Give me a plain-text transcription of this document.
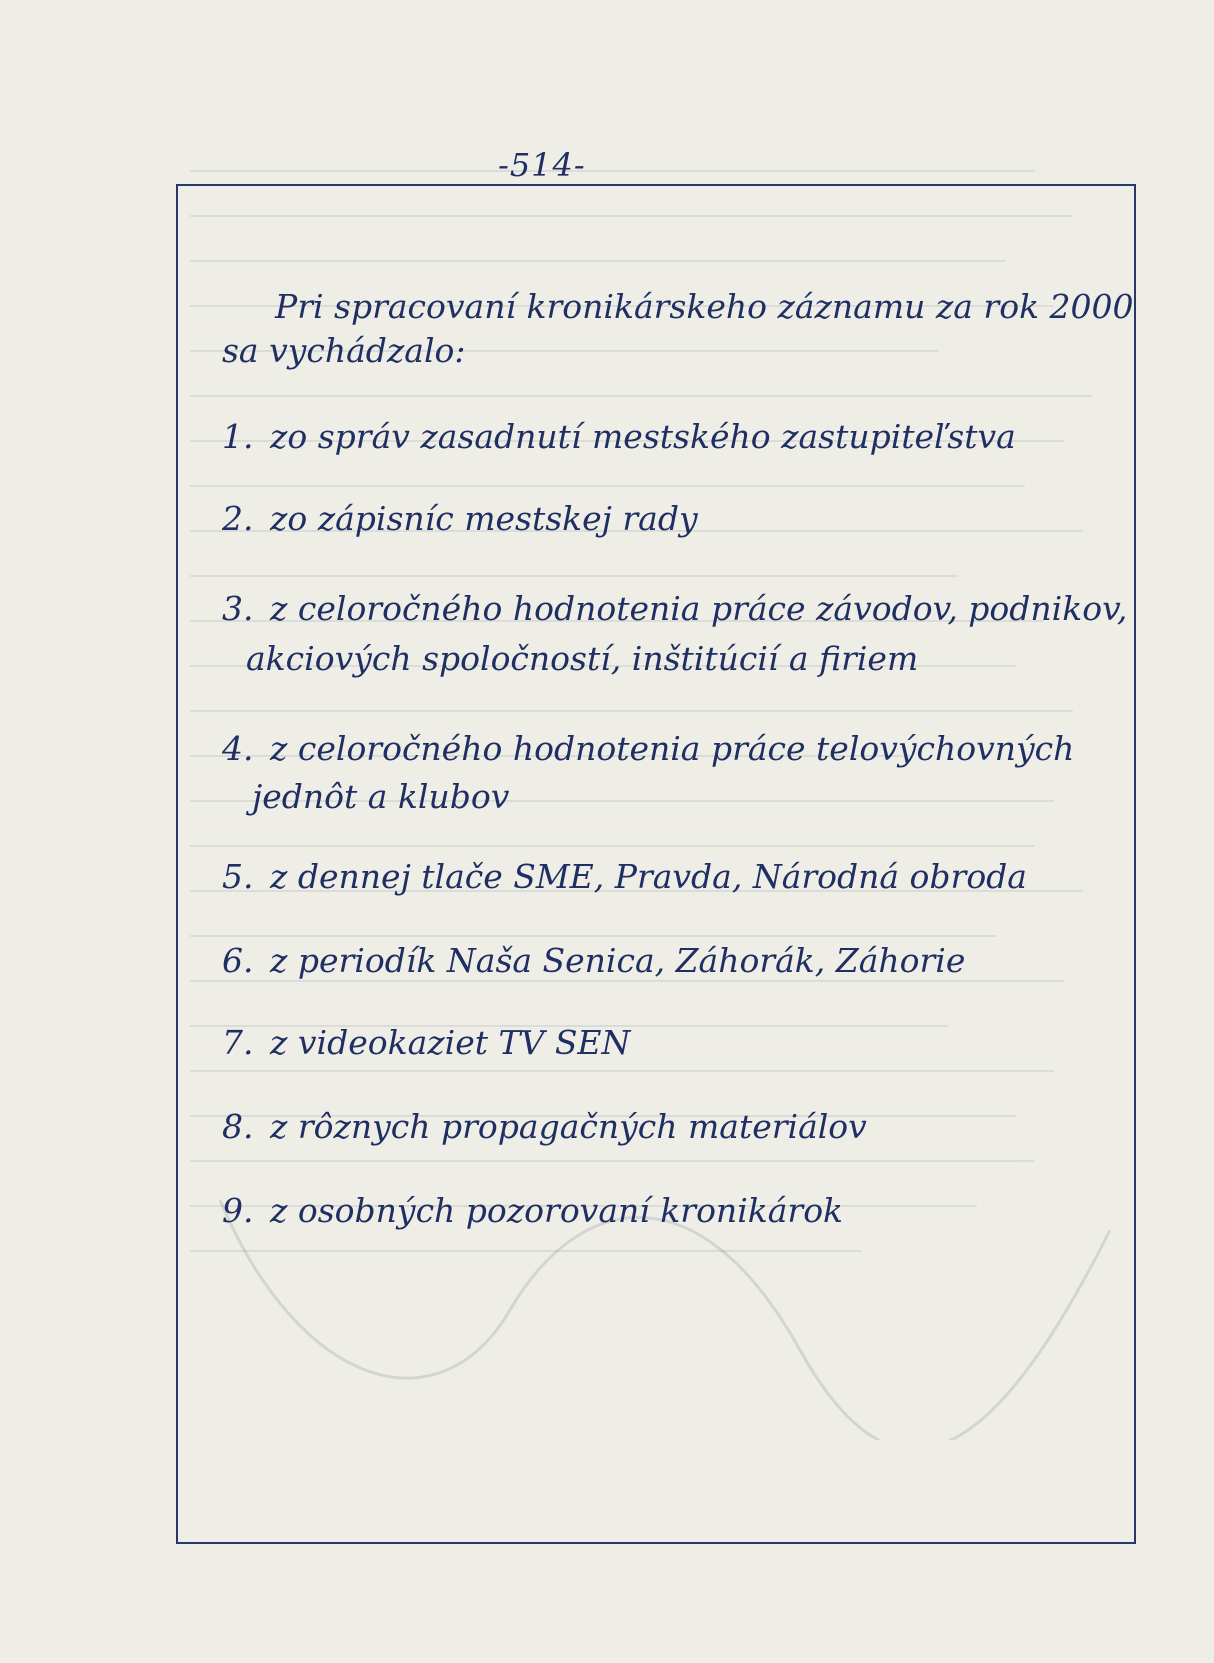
-514-
Pri spracovaní kronikárskeho záznamu za rok 2000
sa vychádzalo:
1. zo správ zasadnutí mestského zastupiteľstva
2. zo zápisníc mestskej rady
3. z celoročného hodnotenia práce závodov, podnikov,
akciových spoločností, inštitúcií a firiem
4. z celoročného hodnotenia práce telovýchovných
jednôt a klubov
5. z dennej tlače SME, Pravda, Národná obroda
6. z periodík Naša Senica, Záhorák, Záhorie
7. z videokaziet TV SEN
8. z rôznych propagačných materiálov
9. z osobných pozorovaní kronikárok
